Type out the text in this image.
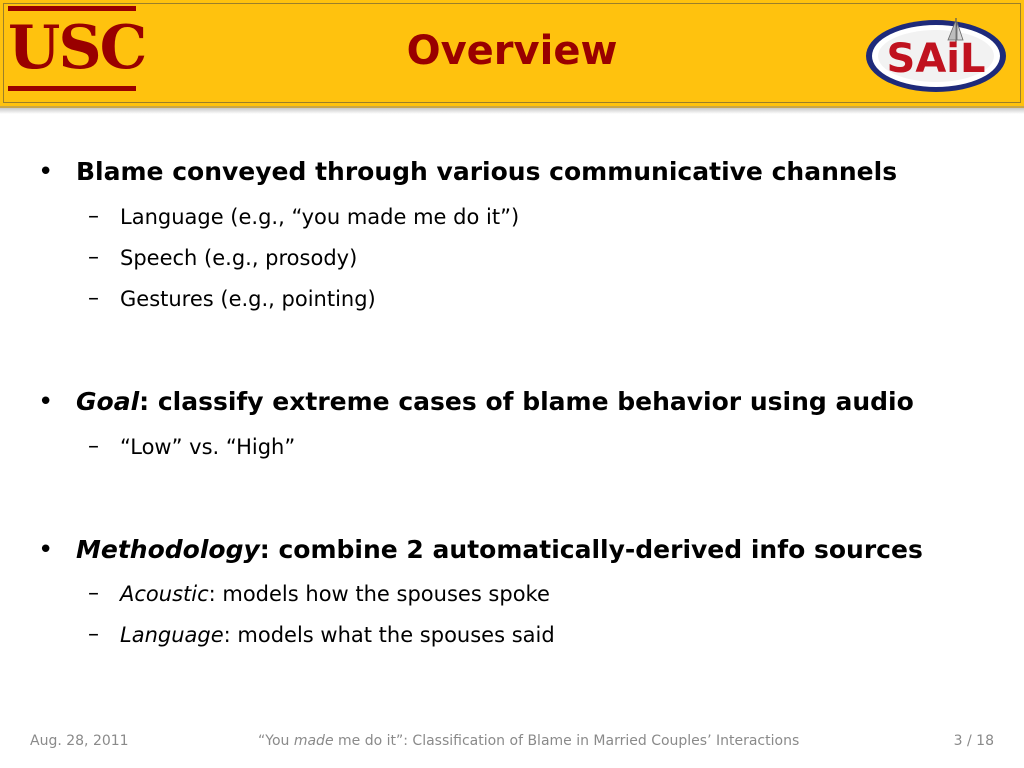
USC	Overview	SAiL
• Blame conveyed through various communicative channels
– Language (e.g., “you made me do it”)
– Speech (e.g., prosody)
– Gestures (e.g., pointing)
• Goal: classify extreme cases of blame behavior using audio
– “Low” vs. “High”
• Methodology: combine 2 automatically-derived info sources
– Acoustic: models how the spouses spoke
– Language: models what the spouses said
Aug. 28, 2011	“You made me do it”: Classification of Blame in Married Couples’ Interactions	3 / 18
